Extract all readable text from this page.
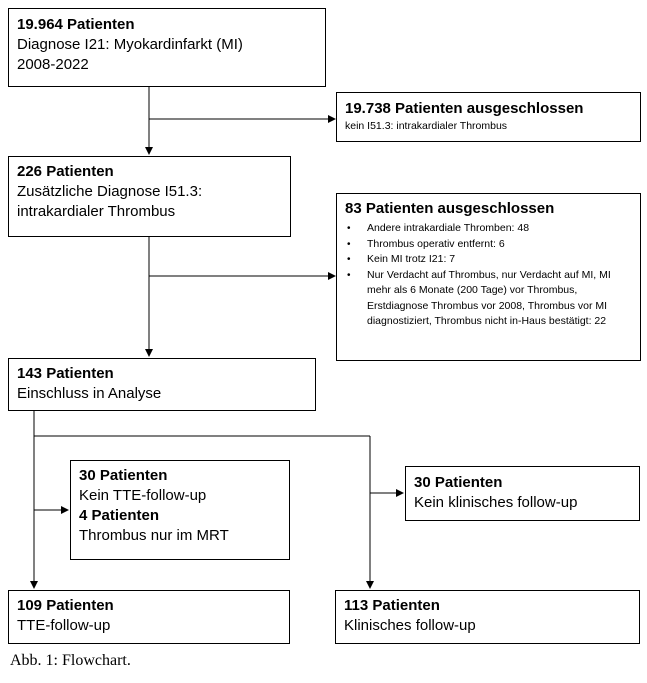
19.964 Patienten
Diagnose I21: Myokardinfarkt (MI)
2008-2022
19.738 Patienten ausgeschlossen
kein I51.3: intrakardialer Thrombus
226 Patienten
Zusätzliche Diagnose I51.3:
intrakardialer Thrombus	83 Patienten ausgeschlossen
• Andere intrakardiale Thromben: 48
• Thrombus operativ entfernt: 6
• Kein MI trotz I21: 7
• Nur Verdacht auf Thrombus, nur Verdacht auf MI, MI mehr als 6 Monate (200 Tage) vor Thrombus, Erstdiagnose Thrombus vor 2008, Thrombus vor MI diagnostiziert, Thrombus nicht in-Haus bestätigt: 22
143 Patienten
Einschluss in Analyse
30 Patienten
Kein TTE-follow-up
4 Patienten
Thrombus nur im MRT
30 Patienten
Kein klinisches follow-up
109 Patienten
TTE-follow-up
113 Patienten
Klinisches follow-up
Abb. 1: Flowchart.
